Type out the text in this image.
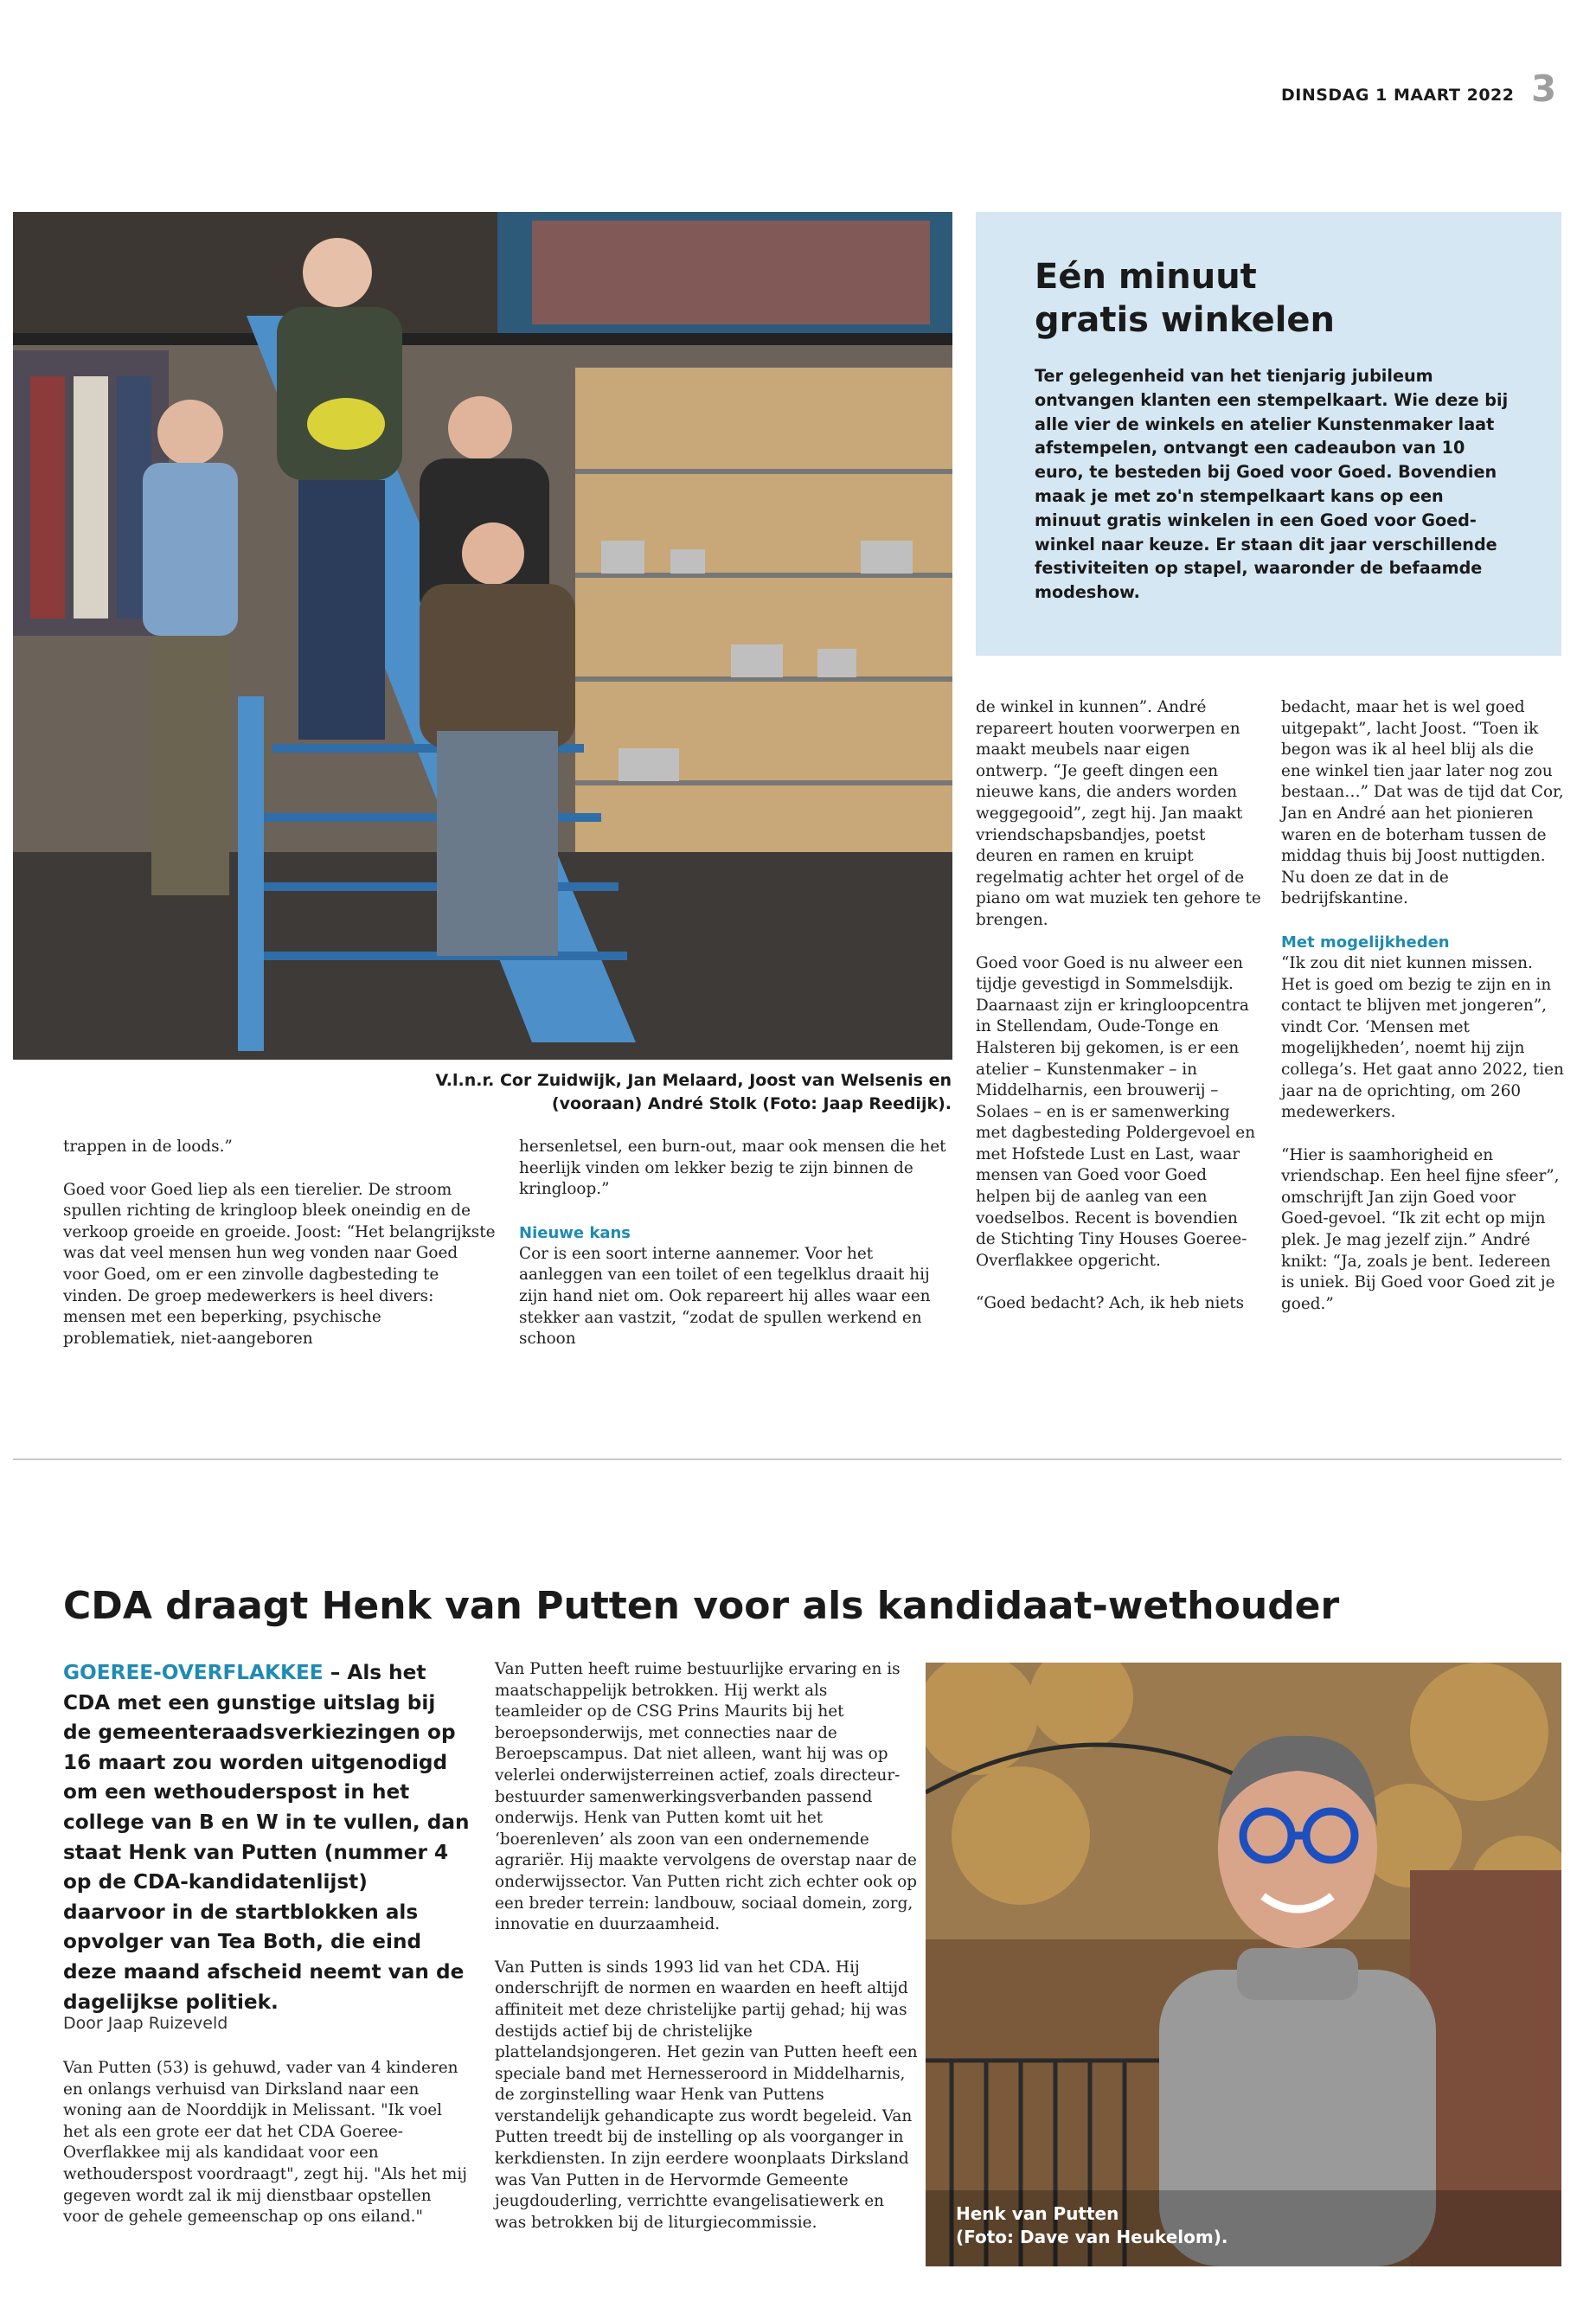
DINSDAG 1 MAART 2022 3
V.l.n.r. Cor Zuidwijk, Jan Melaard, Joost van Welsenis en (vooraan) André Stolk (Foto: Jaap Reedijk).
Eén minuut
gratis winkelen
Ter gelegenheid van het tienjarig jubileum ontvangen klanten een stempelkaart. Wie deze bij alle vier de winkels en atelier Kunstenmaker laat afstempelen, ontvangt een cadeaubon van 10 euro, te besteden bij Goed voor Goed. Bovendien maak je met zo'n stempelkaart kans op een minuut gratis winkelen in een Goed voor Goed-winkel naar keuze. Er staan dit jaar verschillende festiviteiten op stapel, waaronder de befaamde modeshow.

trappen in de loods.”

Goed voor Goed liep als een tierelier. De stroom spullen richting de kringloop bleek oneindig en de verkoop groeide en groeide. Joost: “Het belangrijkste was dat veel mensen hun weg vonden naar Goed voor Goed, om er een zinvolle dagbesteding te vinden. De groep medewerkers is heel divers: mensen met een beperking, psychische problematiek, niet-aangeboren

hersenletsel, een burn-out, maar ook mensen die het heerlijk vinden om lekker bezig te zijn binnen de kringloop.”

Nieuwe kans

Cor is een soort interne aannemer. Voor het aanleggen van een toilet of een tegelklus draait hij zijn hand niet om. Ook repareert hij alles waar een stekker aan vastzit, “zodat de spullen werkend en schoon

de winkel in kunnen”. André repareert houten voorwerpen en maakt meubels naar eigen ontwerp. “Je geeft dingen een nieuwe kans, die anders worden weggegooid”, zegt hij. Jan maakt vriendschapsbandjes, poetst deuren en ramen en kruipt regelmatig achter het orgel of de piano om wat muziek ten gehore te brengen.

Goed voor Goed is nu alweer een tijdje gevestigd in Sommelsdijk. Daarnaast zijn er kringloopcentra in Stellendam, Oude-Tonge en Halsteren bij gekomen, is er een atelier – Kunstenmaker – in Middelharnis, een brouwerij – Solaes – en is er samenwerking met dagbesteding Poldergevoel en met Hofstede Lust en Last, waar mensen van Goed voor Goed helpen bij de aanleg van een voedselbos. Recent is bovendien de Stichting Tiny Houses Goeree-Overflakkee opgericht.

“Goed bedacht? Ach, ik heb niets

bedacht, maar het is wel goed uitgepakt”, lacht Joost. “Toen ik begon was ik al heel blij als die ene winkel tien jaar later nog zou bestaan…” Dat was de tijd dat Cor, Jan en André aan het pionieren waren en de boterham tussen de middag thuis bij Joost nuttigden. Nu doen ze dat in de bedrijfskantine.

Met mogelijkheden

“Ik zou dit niet kunnen missen. Het is goed om bezig te zijn en in contact te blijven met jongeren”, vindt Cor. ‘Mensen met mogelijkheden’, noemt hij zijn collega’s. Het gaat anno 2022, tien jaar na de oprichting, om 260 medewerkers.

“Hier is saamhorigheid en vriendschap. Een heel fijne sfeer”, omschrijft Jan zijn Goed voor Goed-gevoel. “Ik zit echt op mijn plek. Je mag jezelf zijn.” André knikt: “Ja, zoals je bent. Iedereen is uniek. Bij Goed voor Goed zit je goed.”

CDA draagt Henk van Putten voor als kandidaat-wethouder
GOEREE-OVERFLAKKEE – Als het CDA met een gunstige uitslag bij de gemeenteraadsverkiezingen op 16 maart zou worden uitgenodigd om een wethouderspost in het college van B en W in te vullen, dan staat Henk van Putten (nummer 4 op de CDA-kandidatenlijst) daarvoor in de startblokken als opvolger van Tea Both, die eind deze maand afscheid neemt van de dagelijkse politiek.
Door Jaap Ruizeveld

Van Putten (53) is gehuwd, vader van 4 kinderen en onlangs verhuisd van Dirksland naar een woning aan de Noorddijk in Melissant. "Ik voel het als een grote eer dat het CDA Goeree-Overflakkee mij als kandidaat voor een wethouderspost voordraagt", zegt hij. "Als het mij gegeven wordt zal ik mij dienstbaar opstellen voor de gehele gemeenschap op ons eiland."

Van Putten heeft ruime bestuurlijke ervaring en is maatschappelijk betrokken. Hij werkt als teamleider op de CSG Prins Maurits bij het beroepsonderwijs, met connecties naar de Beroepscampus. Dat niet alleen, want hij was op velerlei onderwijsterreinen actief, zoals directeur-bestuurder samenwerkingsverbanden passend onderwijs. Henk van Putten komt uit het ‘boerenleven’ als zoon van een ondernemende agrariër. Hij maakte vervolgens de overstap naar de onderwijssector. Van Putten richt zich echter ook op een breder terrein: landbouw, sociaal domein, zorg, innovatie en duurzaamheid.

Van Putten is sinds 1993 lid van het CDA. Hij onderschrijft de normen en waarden en heeft altijd affiniteit met deze christelijke partij gehad; hij was destijds actief bij de christelijke plattelandsjongeren. Het gezin van Putten heeft een speciale band met Hernesseroord in Middelharnis, de zorginstelling waar Henk van Puttens verstandelijk gehandicapte zus wordt begeleid. Van Putten treedt bij de instelling op als voorganger in kerkdiensten. In zijn eerdere woonplaats Dirksland was Van Putten in de Hervormde Gemeente jeugdouderling, verrichtte evangelisatiewerk en was betrokken bij de liturgiecommissie.	Henk van Putten
(Foto: Dave van Heukelom).
